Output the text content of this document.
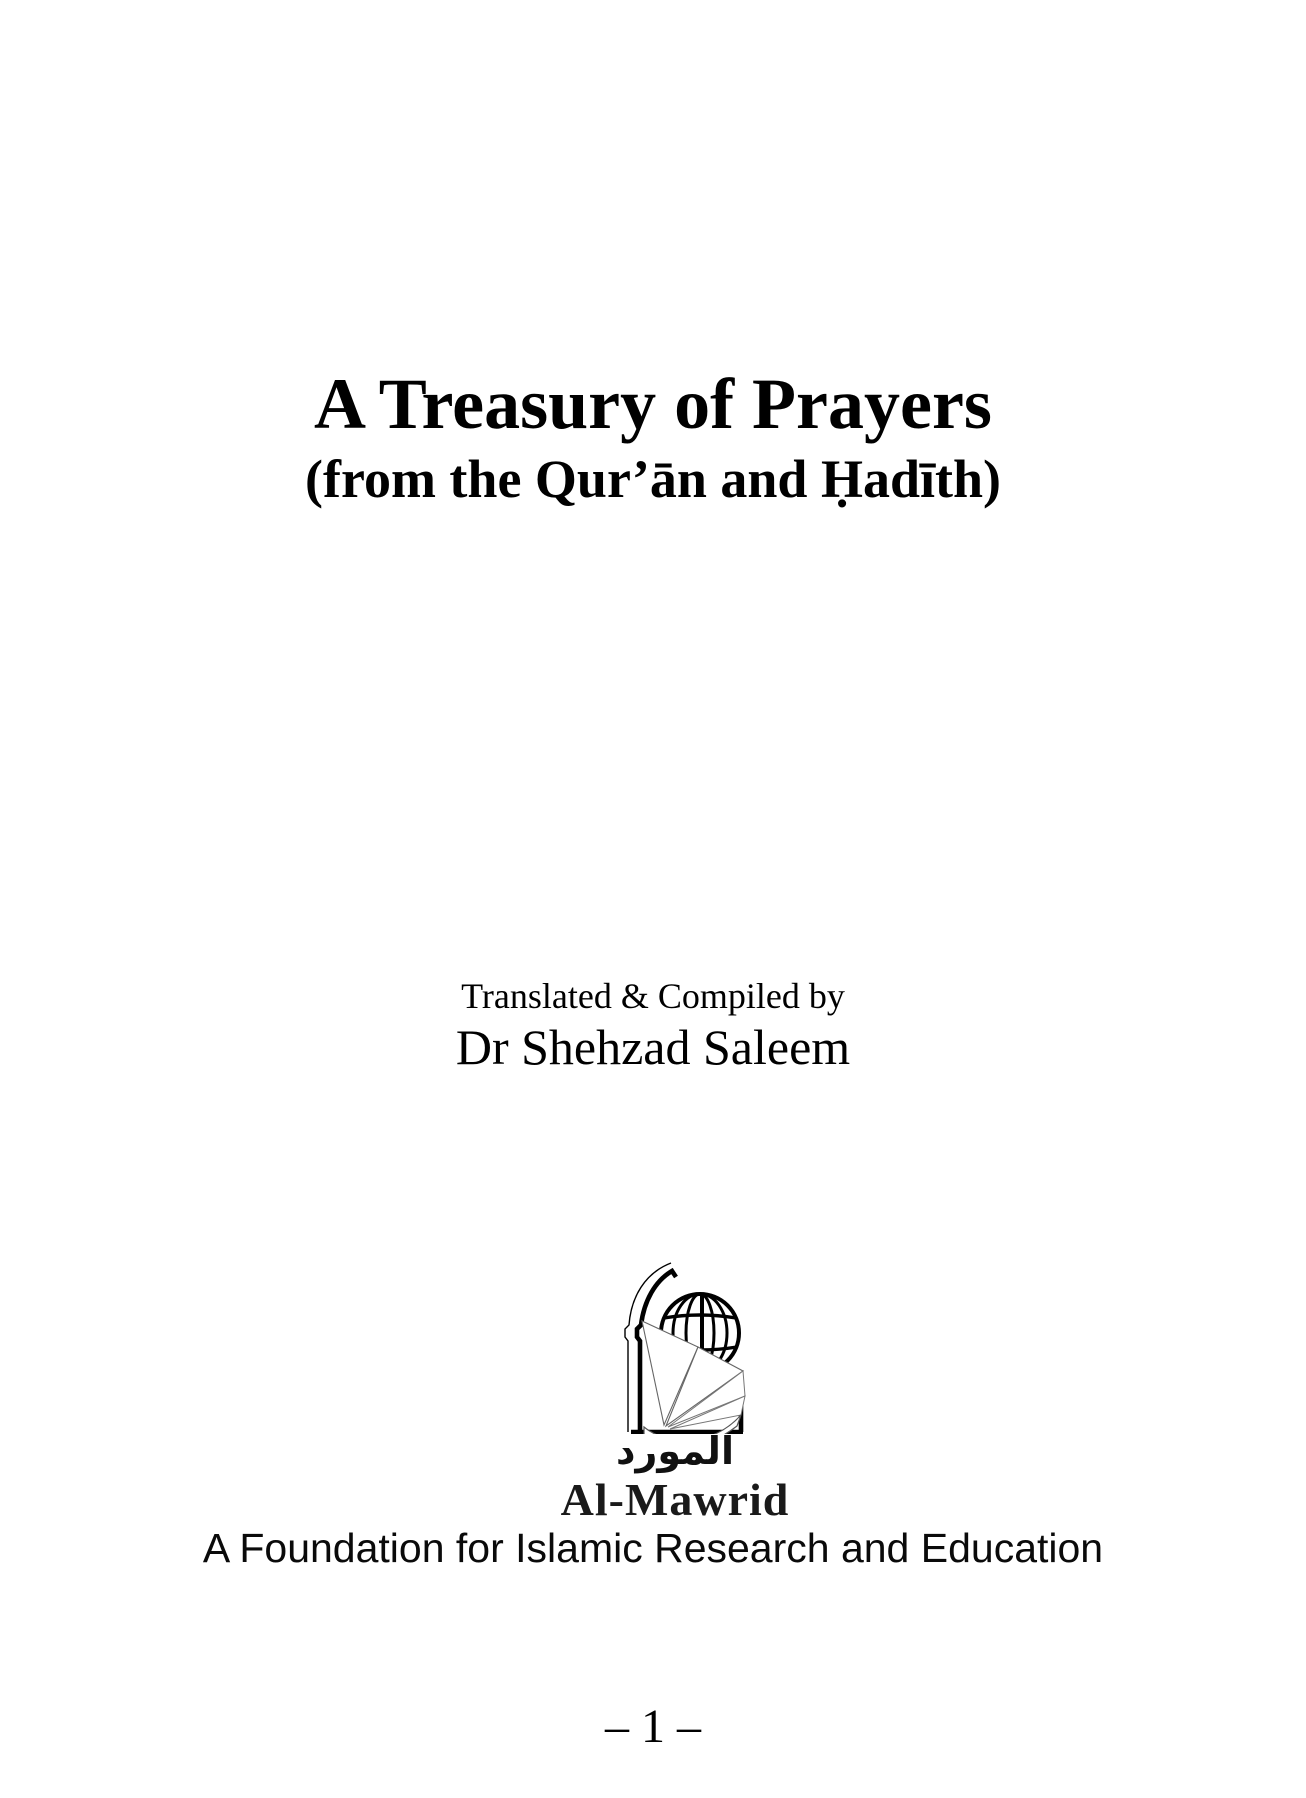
A Treasury of Prayers
(from the Qur’ān and Ḥadīth)
Translated & Compiled by
Dr Shehzad Saleem
المورد
Al-Mawrid
A Foundation for Islamic Research and Education
– 1 –
